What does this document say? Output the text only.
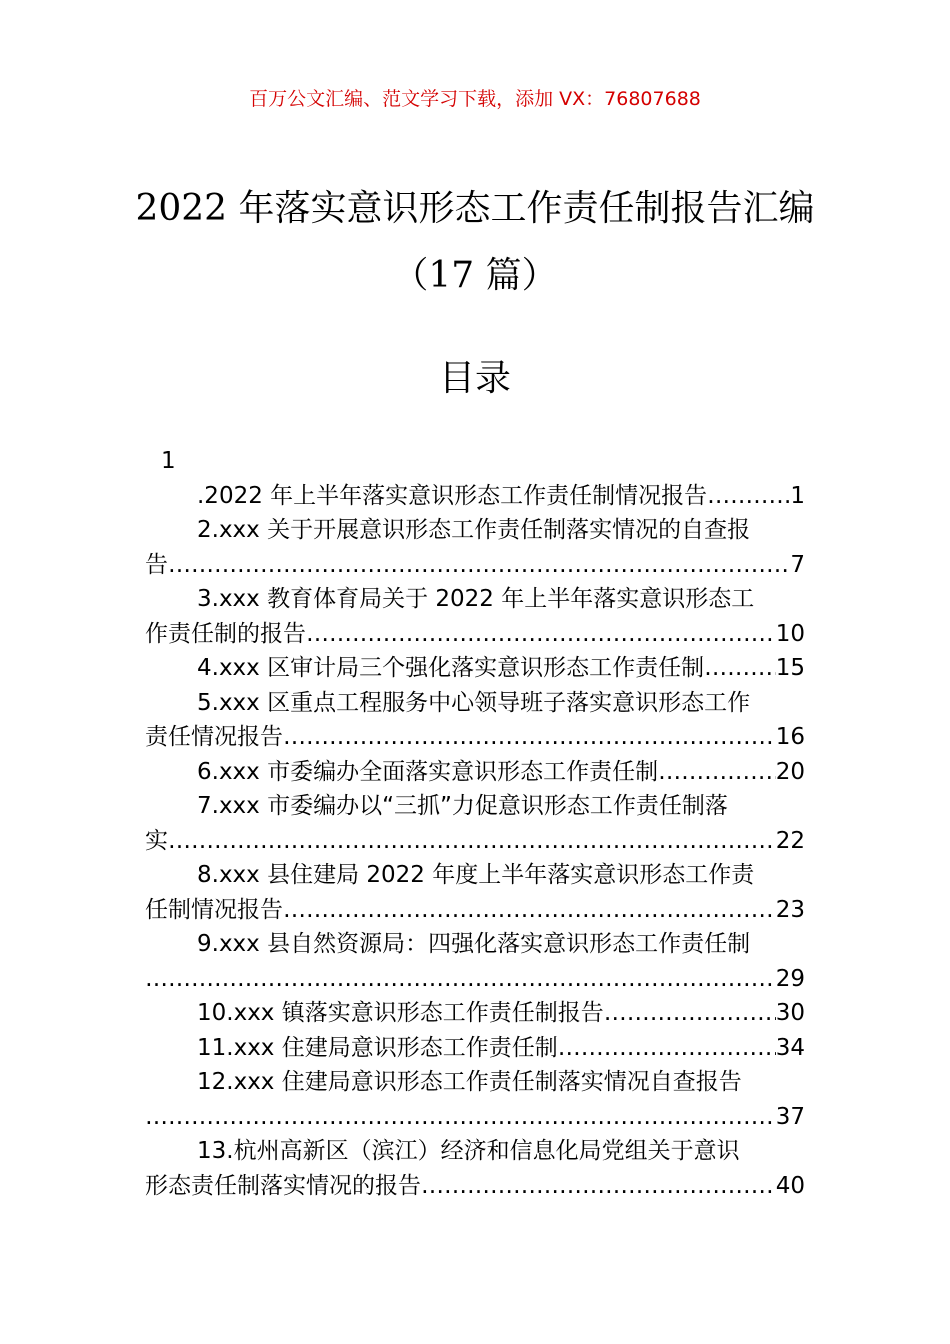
百万公文汇编、范文学习下载，添加 VX：76807688
2022 年落实意识形态工作责任制报告汇编
（17 篇）
目录
1
.2022 年上半年落实意识形态工作责任制情况报告 ……………………………………………………………………………………………………………………………………………………………………………	1
2.xxx 关于开展意识形态工作责任制落实情况的自查报
告 ……………………………………………………………………………………………………………………………………………………………………………	7
3.xxx 教育体育局关于 2022 年上半年落实意识形态工
作责任制的报告 ……………………………………………………………………………………………………………………………………………………………………………	10
4.xxx 区审计局三个强化落实意识形态工作责任制 ……………………………………………………………………………………………………………………………………………………………………………	15
5.xxx 区重点工程服务中心领导班子落实意识形态工作
责任情况报告 ……………………………………………………………………………………………………………………………………………………………………………	16
6.xxx 市委编办全面落实意识形态工作责任制 ……………………………………………………………………………………………………………………………………………………………………………	20
7.xxx 市委编办以“三抓”力促意识形态工作责任制落
实 ……………………………………………………………………………………………………………………………………………………………………………	22
8.xxx 县住建局 2022 年度上半年落实意识形态工作责
任制情况报告 ……………………………………………………………………………………………………………………………………………………………………………	23
9.xxx 县自然资源局：四强化落实意识形态工作责任制
……………………………………………………………………………………………………………………………………………………………………………
29
10.xxx 镇落实意识形态工作责任制报告 ……………………………………………………………………………………………………………………………………………………………………………	30
11.xxx 住建局意识形态工作责任制 ……………………………………………………………………………………………………………………………………………………………………………	34
12.xxx 住建局意识形态工作责任制落实情况自查报告
……………………………………………………………………………………………………………………………………………………………………………
37
13.杭州高新区（滨江）经济和信息化局党组关于意识
形态责任制落实情况的报告 ……………………………………………………………………………………………………………………………………………………………………………	40
